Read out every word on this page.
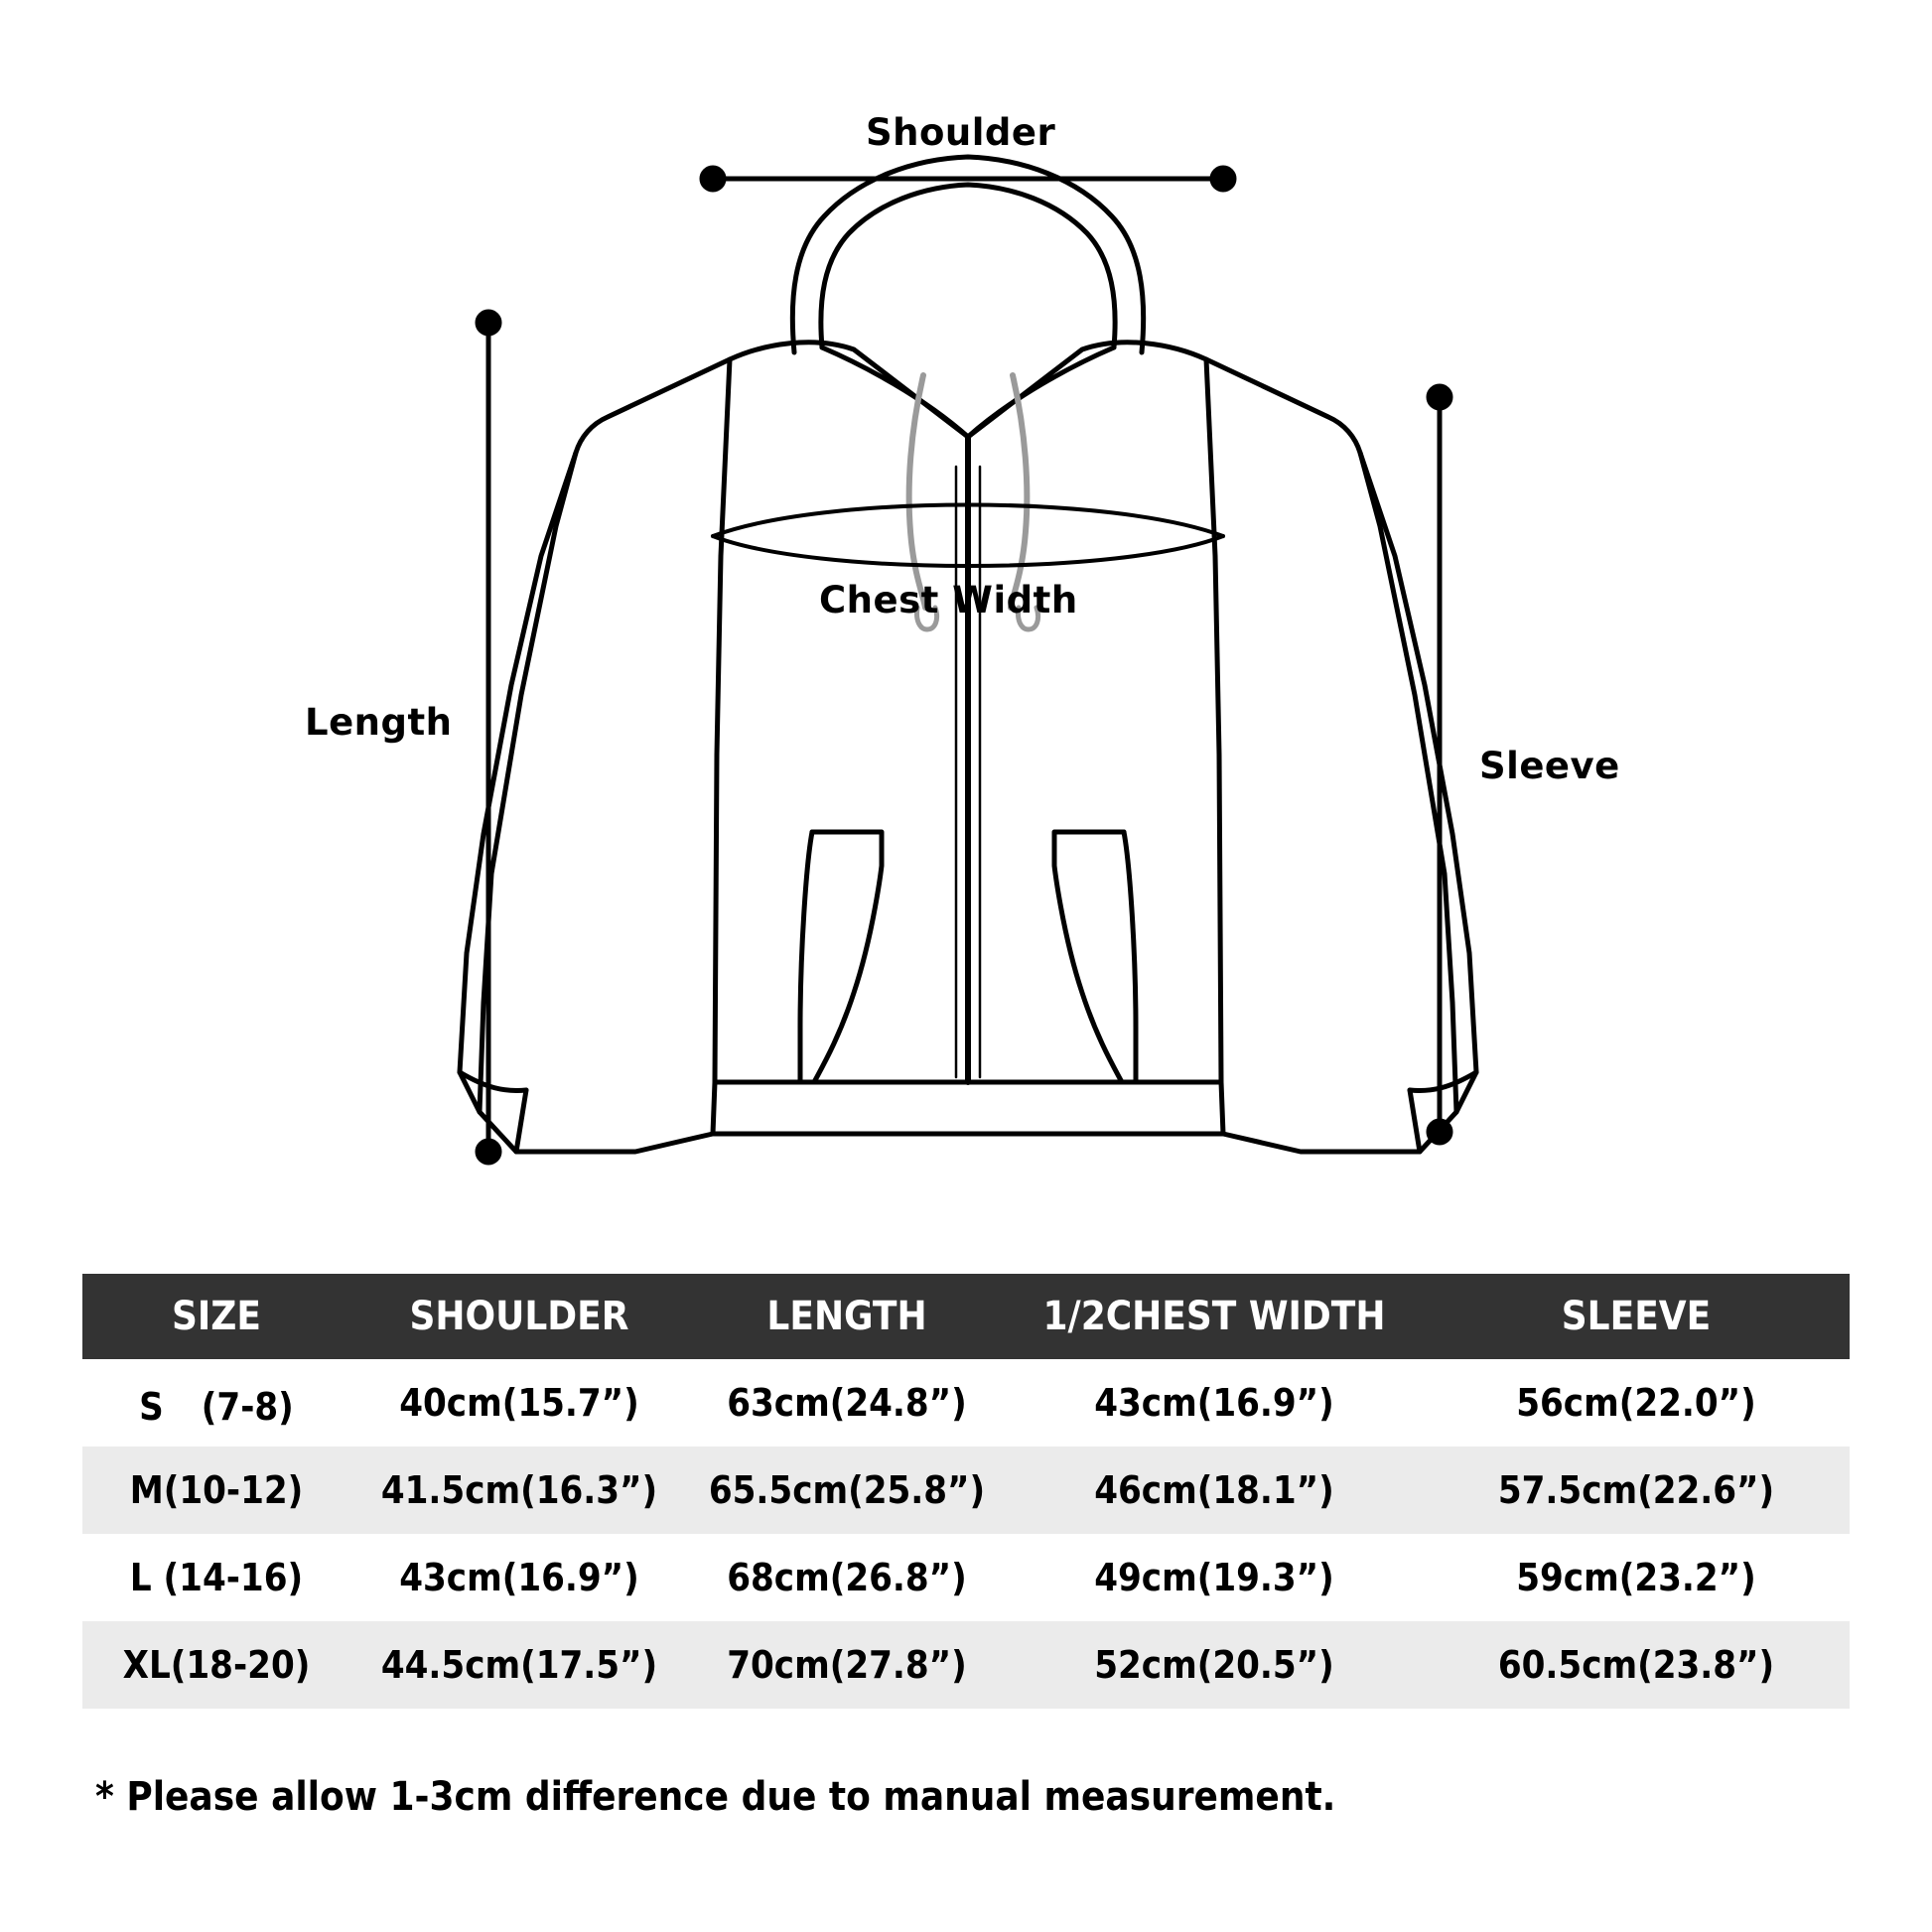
Shoulder
Length
Chest Width
Sleeve
SIZE	SHOULDER	LENGTH	1/2CHEST WIDTH	SLEEVE
S　(7-8)	40cm(15.7”)	63cm(24.8”)	43cm(16.9”)	56cm(22.0”)
M(10-12)	41.5cm(16.3”)	65.5cm(25.8”)	46cm(18.1”)	57.5cm(22.6”)
L (14-16)	43cm(16.9”)	68cm(26.8”)	49cm(19.3”)	59cm(23.2”)
XL(18-20)	44.5cm(17.5”)	70cm(27.8”)	52cm(20.5”)	60.5cm(23.8”)
* Please allow 1-3cm difference due to manual measurement.
